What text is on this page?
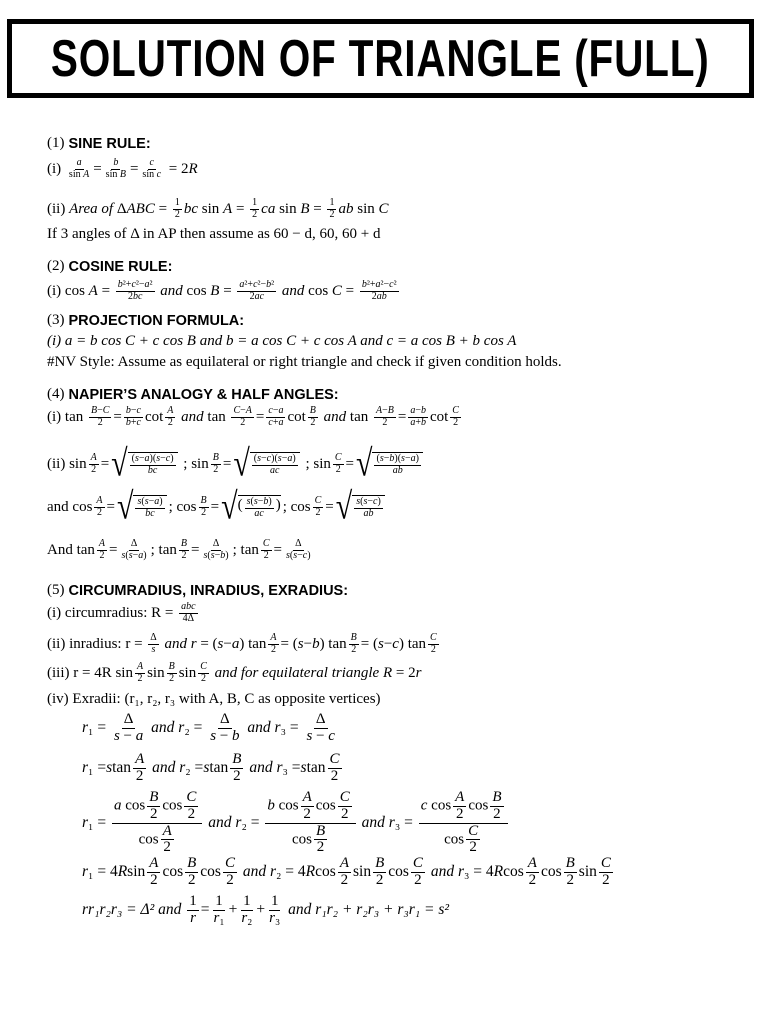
SOLUTION OF TRIANGLE (FULL)
(1) SINE RULE:
(i) a
sin A = b
sin B = c
sin c = 2 R
(ii) Area of Δ ABC = 1
2 bc sin A = 1
2 ca sin B = 1
2 ab sin C
If 3 angles of Δ in AP then assume as 60 − d, 60, 60 + d
(2) COSINE RULE:
(i) cos A = b²+c²−a²
2bc
and cos B = a²+c²−b²
2ac
and cos C = b²+a²−c²
2ab
(3) PROJECTION FORMULA:
(i) a = b cos C + c cos B and b = a cos C + c cos A and c = a cos B + b cos A
#NV Style: Assume as equilateral or right triangle and check if given condition holds.
(4) NAPIER’S ANALOGY & HALF ANGLES:
(i) tan B−C
2 = b−c
b+c cot A
2
and tan C−A
2 = c−a
c+a cot B
2
and tan A−B
2 = a−b
a+b cot C
2
(ii) sin A
2 = √ (s−a)(s−c)
bc ; sin B
2 = √ (s−c)(s−a)
ac ; sin C
2 = √ (s−b)(s−a)
ab
and cos A
2 = √ s(s−a)
bc ; cos B
2 = √ ( s(s−b)
ac ) ; cos C
2 = √ s(s−c)
ab
And tan A
2 = Δ
s(s−a) ; tan B
2 = Δ
s(s−b) ; tan C
2 = Δ
s(s−c)
(5) CIRCUMRADIUS, INRADIUS, EXRADIUS:
(i) circumradius: R =
abc
4Δ
(ii) inradius: r =
$\frac{\Delta}{s}$
and r = ( s − a ) tan A
2 = ( s − b ) tan B
2 = ( s − c ) tan C
2
(iii) r = 4R sin A
2 sin B
2 sin C
2
and for equilateral triangle R = 2 r
(iv) Exradii: (r₁, r₂, r₃ with A, B, C as opposite vertices)
r ₁ =
Δ
s − a
and r ₂ =
Δ
s − b
and r ₃ =
Δ
s − c
r ₁ = s tan
A
2
and r ₂ = s tan
B
2
and r ₃ = s tan
C
2
r ₁ =
a $\cos \frac{B}{2}$ $\cos \frac{C}{2}$
$\cos \frac{A}{2}$

and r ₂ =
b $\cos \frac{A}{2}$ $\cos \frac{C}{2}$
$\cos \frac{B}{2}$

and r ₃ =
c $\cos \frac{A}{2}$ $\cos \frac{B}{2}$
$\cos \frac{C}{2}$
r ₁ = 4 R sin
A
2 cos
B
2 cos
C
2
and r ₂ = 4 R cos
A
2 sin
B
2 cos
C
2
and r ₃ = 4 R cos
A
2 cos
B
2 sin
C
2
rr₁r₂r₃ = Δ² and

1
r =
1
r₁ +
1
r₂ +
1
r₃
and r₁r₂ + r₂r₃ + r₃r₁ = s²
